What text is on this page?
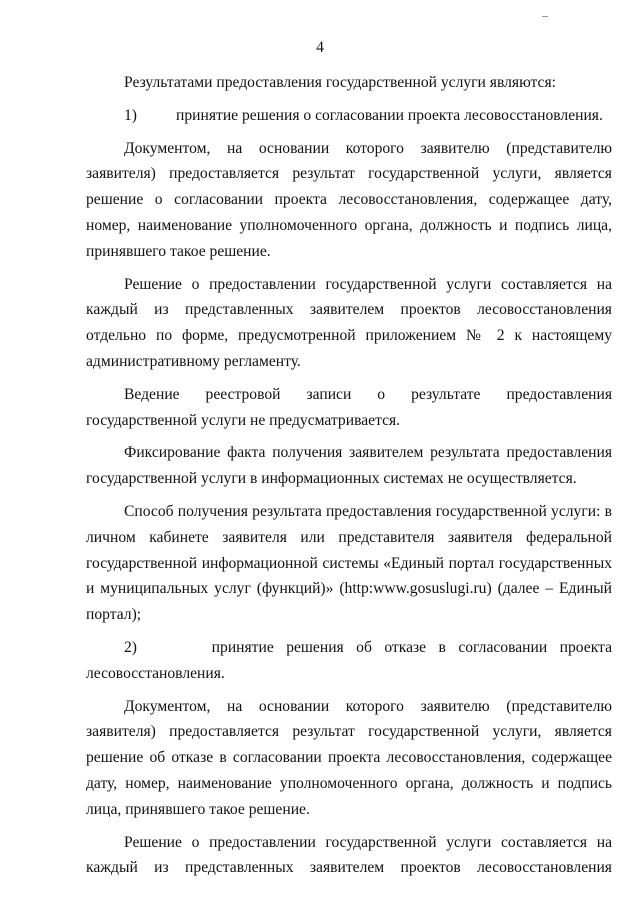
4

Результатами предоставления государственной услуги являются:

1)	принятие решения о согласовании проекта лесовосстановления.

Документом, на основании которого заявителю (представителю заявителя) предоставляется результат государственной услуги, является решение о согласовании проекта лесовосстановления, содержащее дату, номер, наименование уполномоченного органа, должность и подпись лица, принявшего такое решение.

Решение о предоставлении государственной услуги составляется на каждый из представленных заявителем проектов лесовосстановления отдельно по форме, предусмотренной приложением № 2 к настоящему административному регламенту.

Ведение реестровой записи о результате предоставления государственной услуги не предусматривается.

Фиксирование факта получения заявителем результата предоставления государственной услуги в информационных системах не осуществляется.

Способ получения результата предоставления государственной услуги: в личном кабинете заявителя или представителя заявителя федеральной государственной информационной системы «Единый портал государственных и муниципальных услуг (функций)» (http:www.gosuslugi.ru) (далее – Единый портал);

2)	принятие решения об отказе в согласовании проекта лесовосстановления.

Документом, на основании которого заявителю (представителю заявителя) предоставляется результат государственной услуги, является решение об отказе в согласовании проекта лесовосстановления, содержащее дату, номер, наименование уполномоченного органа, должность и подпись лица, принявшего такое решение.

Решение о предоставлении государственной услуги составляется на каждый из представленных заявителем проектов лесовосстановления
